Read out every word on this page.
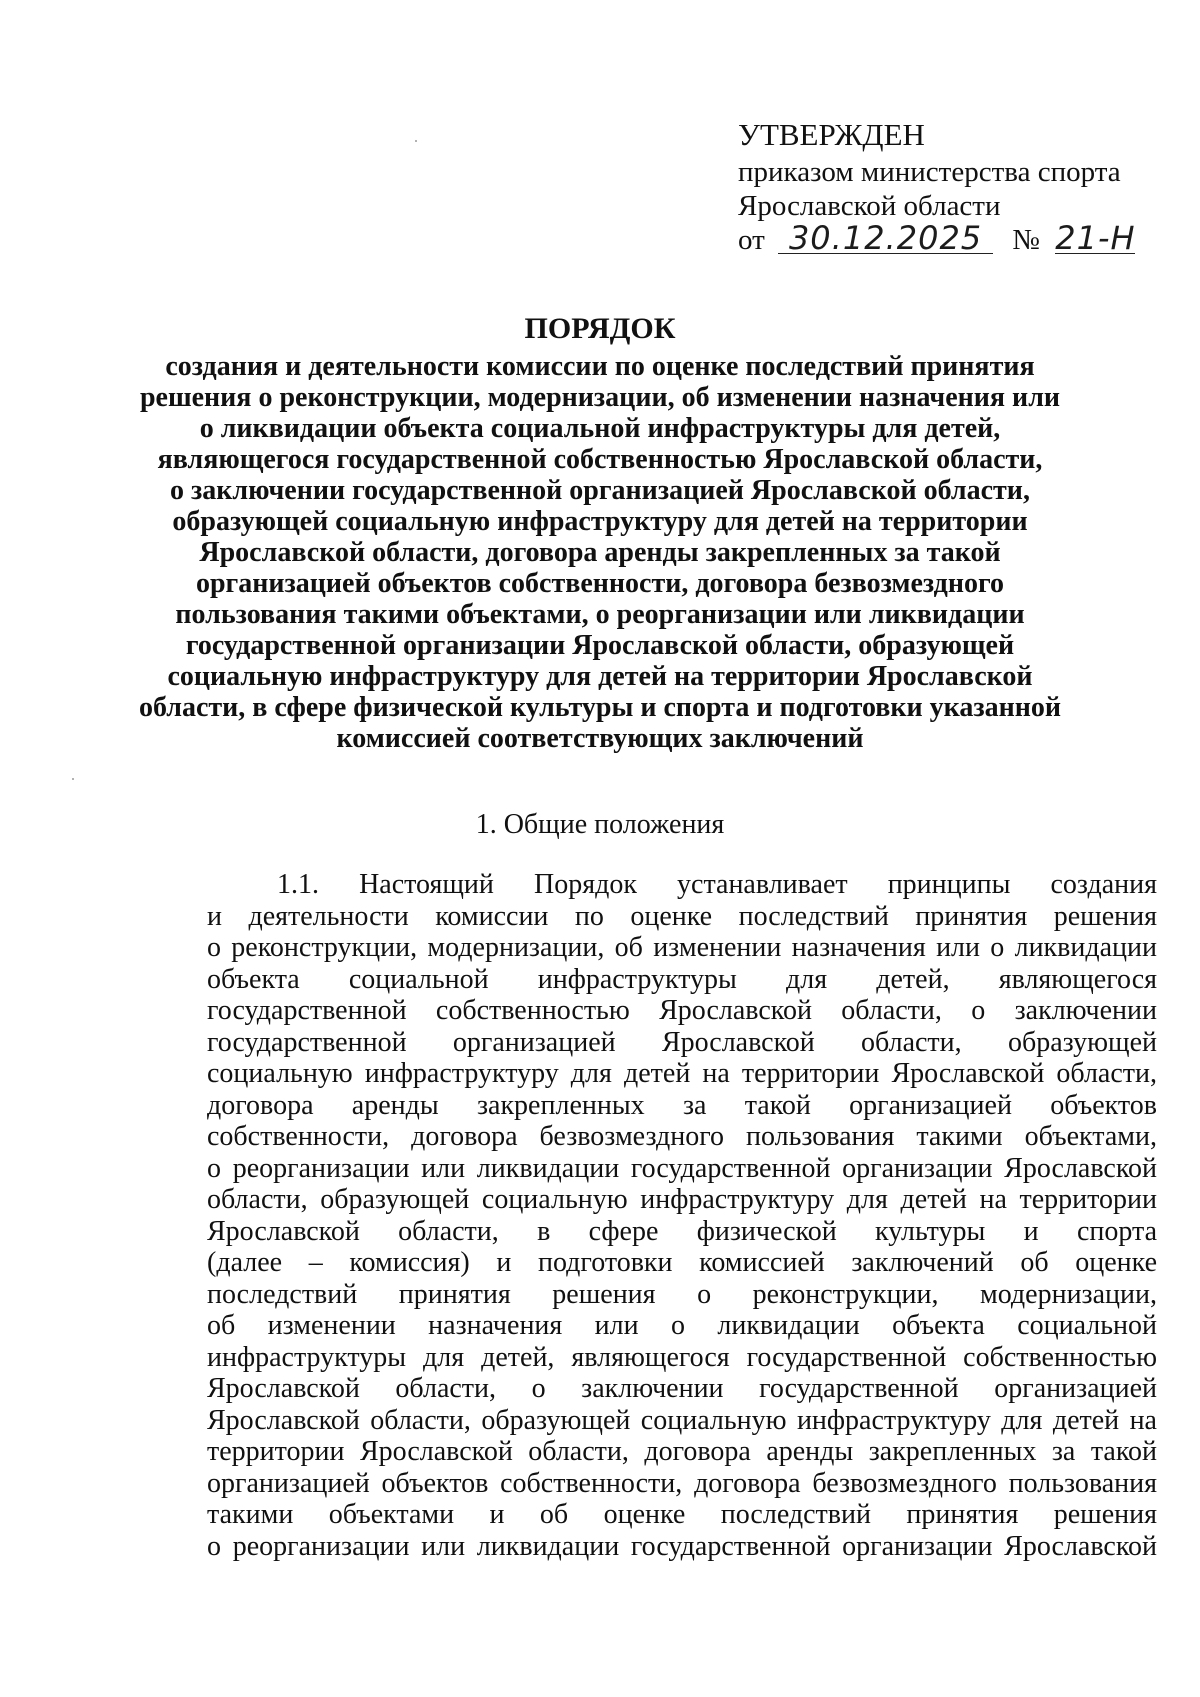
УТВЕРЖДЕН
приказом министерства спорта
Ярославской области
от 30.12.2025 № 21-Н
ПОРЯДОК
создания и деятельности комиссии по оценке последствий принятия
решения о реконструкции, модернизации, об изменении назначения или
о ликвидации объекта социальной инфраструктуры для детей,
являющегося государственной собственностью Ярославской области,
о заключении государственной организацией Ярославской области,
образующей социальную инфраструктуру для детей на территории
Ярославской области, договора аренды закрепленных за такой
организацией объектов собственности, договора безвозмездного
пользования такими объектами, о реорганизации или ликвидации
государственной организации Ярославской области, образующей
социальную инфраструктуру для детей на территории Ярославской
области, в сфере физической культуры и спорта и подготовки указанной
комиссией соответствующих заключений
1. Общие положения
1.1. Настоящий Порядок устанавливает принципы создания
и деятельности комиссии по оценке последствий принятия решения
о реконструкции, модернизации, об изменении назначения или о ликвидации
объекта социальной инфраструктуры для детей, являющегося
государственной собственностью Ярославской области, о заключении
государственной организацией Ярославской области, образующей
социальную инфраструктуру для детей на территории Ярославской области,
договора аренды закрепленных за такой организацией объектов
собственности, договора безвозмездного пользования такими объектами,
о реорганизации или ликвидации государственной организации Ярославской
области, образующей социальную инфраструктуру для детей на территории
Ярославской области, в сфере физической культуры и спорта
(далее – комиссия) и подготовки комиссией заключений об оценке
последствий принятия решения о реконструкции, модернизации,
об изменении назначения или о ликвидации объекта социальной
инфраструктуры для детей, являющегося государственной собственностью
Ярославской области, о заключении государственной организацией
Ярославской области, образующей социальную инфраструктуру для детей на
территории Ярославской области, договора аренды закрепленных за такой
организацией объектов собственности, договора безвозмездного пользования
такими объектами и об оценке последствий принятия решения
о реорганизации или ликвидации государственной организации Ярославской
